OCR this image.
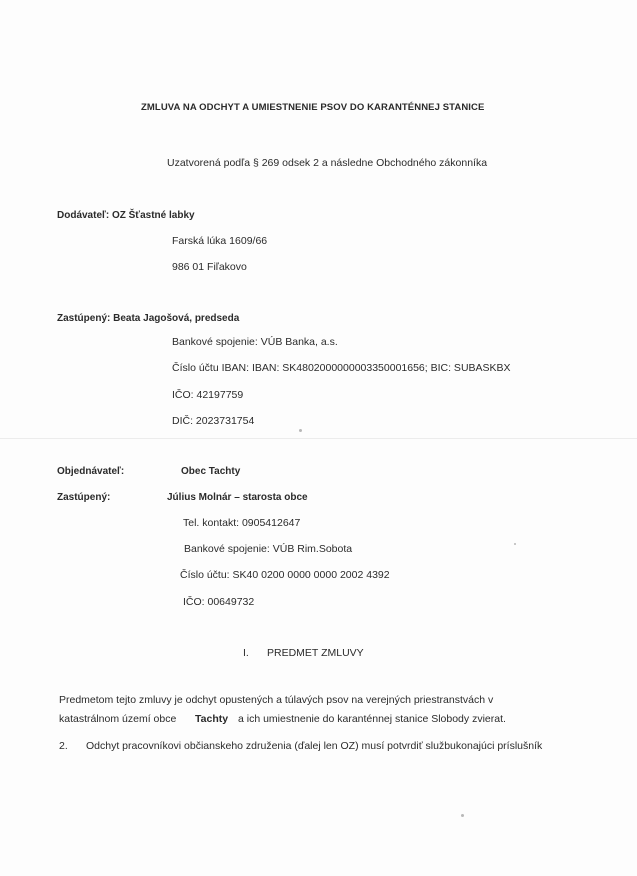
ZMLUVA NA ODCHYT A UMIESTNENIE PSOV DO KARANTÉNNEJ STANICE
Uzatvorená podľa § 269 odsek 2 a následne Obchodného zákonníka
Dodávateľ: OZ Šťastné labky
Farská lúka 1609/66
986 01 Fiľakovo
Zastúpený: Beata Jagošová, predseda
Bankové spojenie: VÚB Banka, a.s.
Číslo účtu IBAN: IBAN: SK4802000000003350001656; BIC: SUBASKBX
IČO: 42197759
DIČ: 2023731754
Objednávateľ:	Obec Tachty
Zastúpený:	Július Molnár – starosta obce
Tel. kontakt: 0905412647
Bankové spojenie: VÚB Rim.Sobota
Číslo účtu: SK40 0200 0000 0000 2002 4392
IČO: 00649732
I. PREDMET ZMLUVY
Predmetom tejto zmluvy je odchyt opustených a túlavých psov na verejných priestranstvách v
katastrálnom území obce Tachty a ich umiestnenie do karanténnej stanice Slobody zvierat.
2. Odchyt pracovníkovi občianskeho združenia (ďalej len OZ) musí potvrdiť službukonajúci príslušník
